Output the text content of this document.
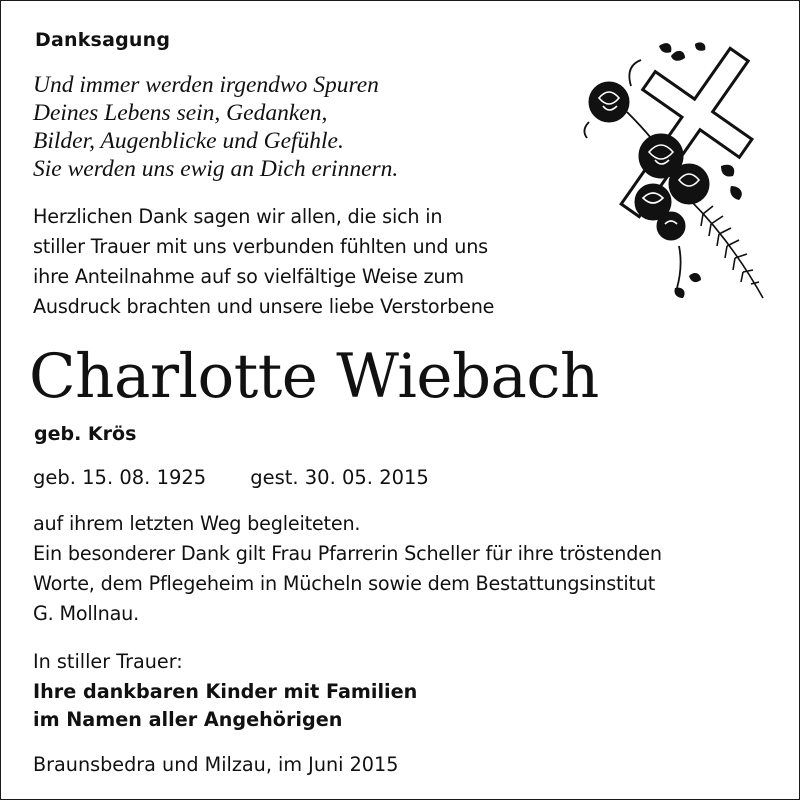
Danksagung
Und immer werden irgendwo Spuren
Deines Lebens sein, Gedanken,
Bilder, Augenblicke und Gefühle.
Sie werden uns ewig an Dich erinnern.
Herzlichen Dank sagen wir allen, die sich in
stiller Trauer mit uns verbunden fühlten und uns
ihre Anteilnahme auf so vielfältige Weise zum
Ausdruck brachten und unsere liebe Verstorbene
Charlotte Wiebach
geb. Krös
geb. 15. 08. 1925 gest. 30. 05. 2015
auf ihrem letzten Weg begleiteten.
Ein besonderer Dank gilt Frau Pfarrerin Scheller für ihre tröstenden
Worte, dem Pflegeheim in Mücheln sowie dem Bestattungsinstitut
G. Mollnau.
In stiller Trauer:
Ihre dankbaren Kinder mit Familien
im Namen aller Angehörigen
Braunsbedra und Milzau, im Juni 2015
